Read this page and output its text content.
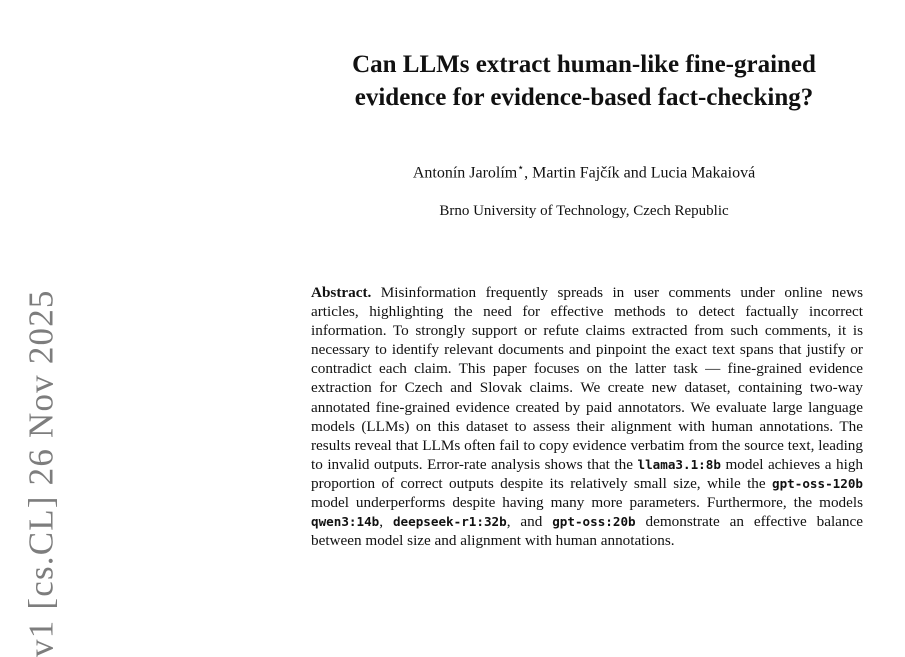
v1 [cs.CL] 26 Nov 2025
Can LLMs extract human-like fine-grained
evidence for evidence-based fact-checking?
Antonín Jarolím⋆, Martin Fajčík and Lucia Makaiová
Brno University of Technology, Czech Republic

Abstract. Misinformation frequently spreads in user comments under online news articles, highlighting the need for effective methods to detect factually incorrect information. To strongly support or refute claims extracted from such comments, it is necessary to identify relevant documents and pinpoint the exact text spans that justify or contradict each claim. This paper focuses on the latter task — fine-grained evidence extraction for Czech and Slovak claims. We create new dataset, containing two-way annotated fine-grained evidence created by paid annotators. We evaluate large language models (LLMs) on this dataset to assess their alignment with human annotations. The results reveal that LLMs often fail to copy evidence verbatim from the source text, leading to invalid outputs. Error-rate analysis shows that the llama3.1:8b model achieves a high proportion of correct outputs despite its relatively small size, while the gpt-oss-120b model underperforms despite having many more parameters. Furthermore, the models qwen3:14b, deepseek-r1:32b, and gpt-oss:20b demonstrate an effective balance between model size and alignment with human annotations.
